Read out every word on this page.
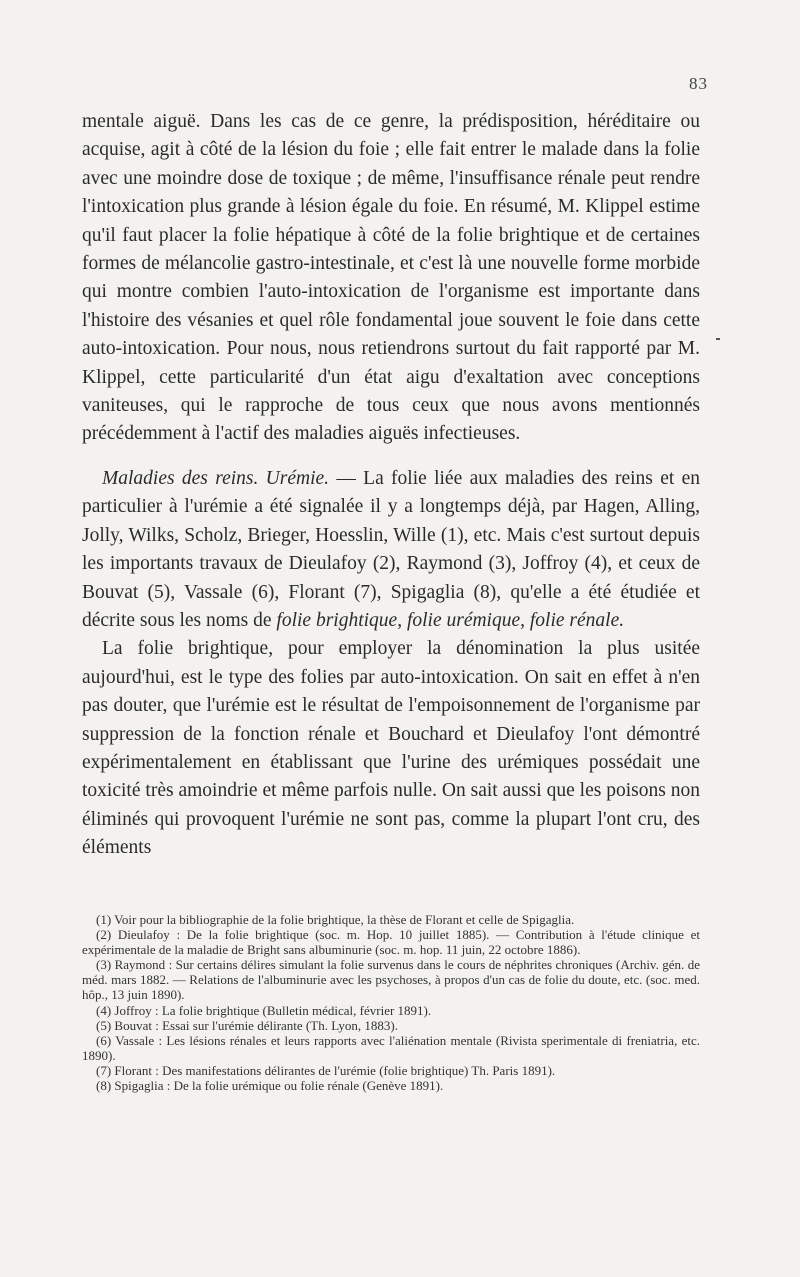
83

mentale aiguë. Dans les cas de ce genre, la prédisposition, héréditaire ou acquise, agit à côté de la lésion du foie ; elle fait entrer le malade dans la folie avec une moindre dose de toxique ; de même, l'insuffisance rénale peut rendre l'intoxication plus grande à lésion égale du foie. En résumé, M. Klippel estime qu'il faut placer la folie hépatique à côté de la folie brightique et de certaines formes de mélancolie gastro-intestinale, et c'est là une nouvelle forme morbide qui montre combien l'auto-intoxication de l'organisme est importante dans l'histoire des vésanies et quel rôle fondamental joue souvent le foie dans cette auto-intoxication. Pour nous, nous retiendrons surtout du fait rapporté par M. Klippel, cette particularité d'un état aigu d'exaltation avec conceptions vaniteuses, qui le rapproche de tous ceux que nous avons mentionnés précédemment à l'actif des maladies aiguës infectieuses.

Maladies des reins. Urémie. — La folie liée aux maladies des reins et en particulier à l'urémie a été signalée il y a longtemps déjà, par Hagen, Alling, Jolly, Wilks, Scholz, Brieger, Hoesslin, Wille (1), etc. Mais c'est surtout depuis les importants travaux de Dieulafoy (2), Raymond (3), Joffroy (4), et ceux de Bouvat (5), Vassale (6), Florant (7), Spigaglia (8), qu'elle a été étudiée et décrite sous les noms de folie brightique, folie urémique, folie rénale.

La folie brightique, pour employer la dénomination la plus usitée aujourd'hui, est le type des folies par auto-intoxication. On sait en effet à n'en pas douter, que l'urémie est le résultat de l'empoisonnement de l'organisme par suppression de la fonction rénale et Bouchard et Dieulafoy l'ont démontré expérimentalement en établissant que l'urine des urémiques possédait une toxicité très amoindrie et même parfois nulle. On sait aussi que les poisons non éliminés qui provoquent l'urémie ne sont pas, comme la plupart l'ont cru, des éléments

(1) Voir pour la bibliographie de la folie brightique, la thèse de Florant et celle de Spigaglia.

(2) Dieulafoy : De la folie brightique (soc. m. Hop. 10 juillet 1885). — Contribution à l'étude clinique et expérimentale de la maladie de Bright sans albuminurie (soc. m. hop. 11 juin, 22 octobre 1886).

(3) Raymond : Sur certains délires simulant la folie survenus dans le cours de néphrites chroniques (Archiv. gén. de méd. mars 1882. — Relations de l'albuminurie avec les psychoses, à propos d'un cas de folie du doute, etc. (soc. med. hôp., 13 juin 1890).

(4) Joffroy : La folie brightique (Bulletin médical, février 1891).

(5) Bouvat : Essai sur l'urémie délirante (Th. Lyon, 1883).

(6) Vassale : Les lésions rénales et leurs rapports avec l'aliénation mentale (Rivista sperimentale di freniatria, etc. 1890).

(7) Florant : Des manifestations délirantes de l'urémie (folie brightique) Th. Paris 1891).

(8) Spigaglia : De la folie urémique ou folie rénale (Genève 1891).
